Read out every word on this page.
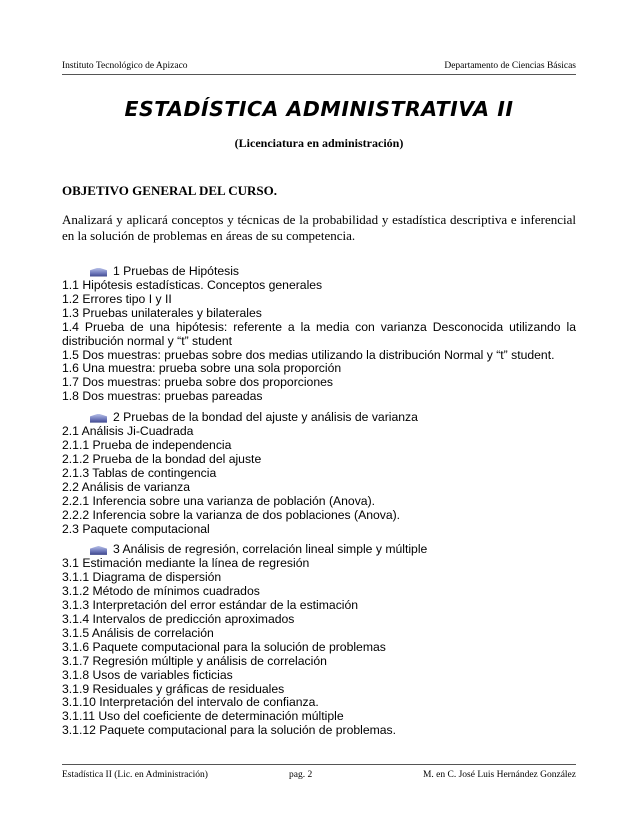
Instituto Tecnológico de Apizaco	Departamento de Ciencias Básicas
ESTADÍSTICA ADMINISTRATIVA II
(Licenciatura en administración)
OBJETIVO GENERAL DEL CURSO.
Analizará y aplicará conceptos y técnicas de la probabilidad y estadística descriptiva e inferencial en la solución de problemas en áreas de su competencia.
1 Pruebas de Hipótesis
1.1 Hipótesis estadísticas. Conceptos generales
1.2 Errores tipo I y II
1.3 Pruebas unilaterales y bilaterales
1.4 Prueba de una hipótesis: referente a la media con varianza Desconocida utilizando la distribución normal y “t” student
1.5 Dos muestras: pruebas sobre dos medias utilizando la distribución Normal y “t” student.
1.6 Una muestra: prueba sobre una sola proporción
1.7 Dos muestras: prueba sobre dos proporciones
1.8 Dos muestras: pruebas pareadas
2 Pruebas de la bondad del ajuste y análisis de varianza
2.1 Análisis Ji-Cuadrada
2.1.1 Prueba de independencia
2.1.2 Prueba de la bondad del ajuste
2.1.3 Tablas de contingencia
2.2 Análisis de varianza
2.2.1 Inferencia sobre una varianza de población (Anova).
2.2.2 Inferencia sobre la varianza de dos poblaciones (Anova).
2.3 Paquete computacional
3 Análisis de regresión, correlación lineal simple y múltiple
3.1 Estimación mediante la línea de regresión
3.1.1 Diagrama de dispersión
3.1.2 Método de mínimos cuadrados
3.1.3 Interpretación del error estándar de la estimación
3.1.4 Intervalos de predicción aproximados
3.1.5 Análisis de correlación
3.1.6 Paquete computacional para la solución de problemas
3.1.7 Regresión múltiple y análisis de correlación
3.1.8 Usos de variables ficticias
3.1.9 Residuales y gráficas de residuales
3.1.10 Interpretación del intervalo de confianza.
3.1.11 Uso del coeficiente de determinación múltiple
3.1.12 Paquete computacional para la solución de problemas.
Estadística II (Lic. en Administración)	pag. 2	M. en C. José Luis Hernández González
